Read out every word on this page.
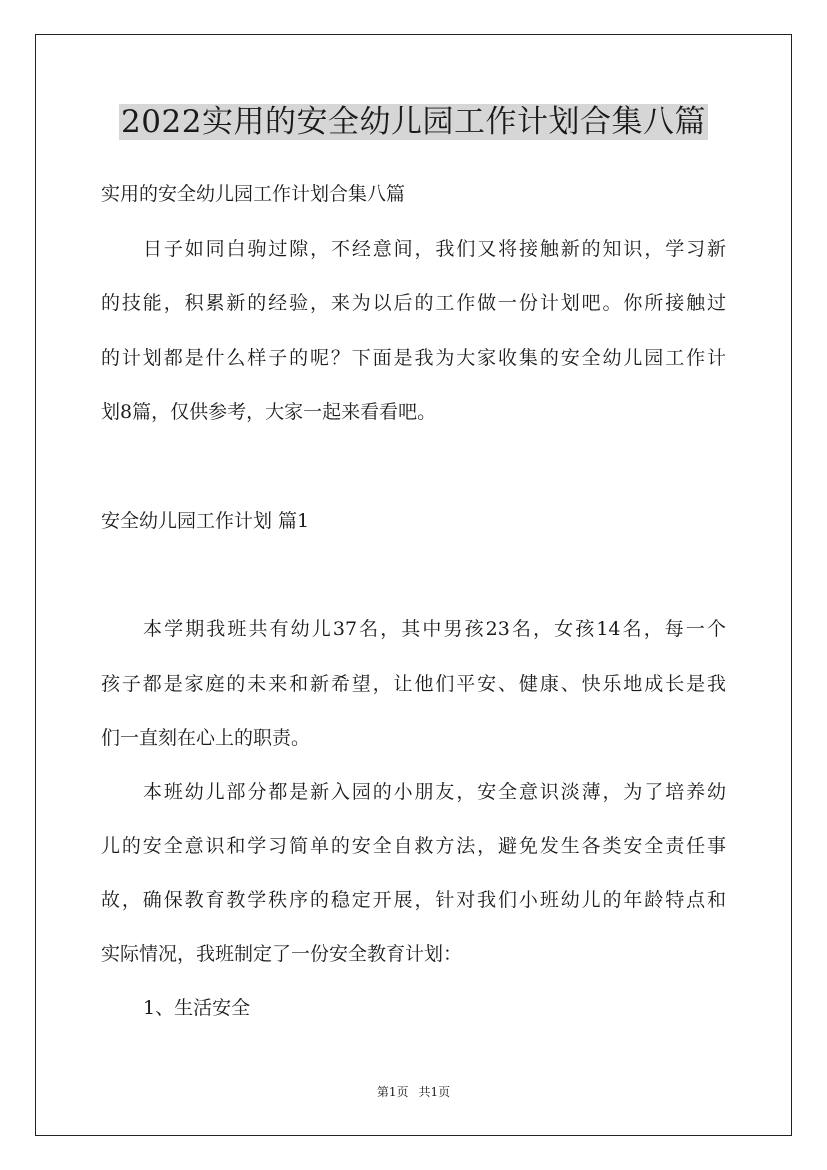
2022实用的安全幼儿园工作计划合集八篇

实用的安全幼儿园工作计划合集八篇

日子如同白驹过隙，不经意间，我们又将接触新的知识，学习新

的技能，积累新的经验，来为以后的工作做一份计划吧。你所接触过

的计划都是什么样子的呢？下面是我为大家收集的安全幼儿园工作计

划8篇，仅供参考，大家一起来看看吧。

安全幼儿园工作计划 篇1

本学期我班共有幼儿37名，其中男孩23名，女孩14名，每一个

孩子都是家庭的未来和新希望，让他们平安、健康、快乐地成长是我

们一直刻在心上的职责。

本班幼儿部分都是新入园的小朋友，安全意识淡薄，为了培养幼

儿的安全意识和学习简单的安全自救方法，避免发生各类安全责任事

故，确保教育教学秩序的稳定开展，针对我们小班幼儿的年龄特点和

实际情况，我班制定了一份安全教育计划：

1、生活安全

第1页 共1页
